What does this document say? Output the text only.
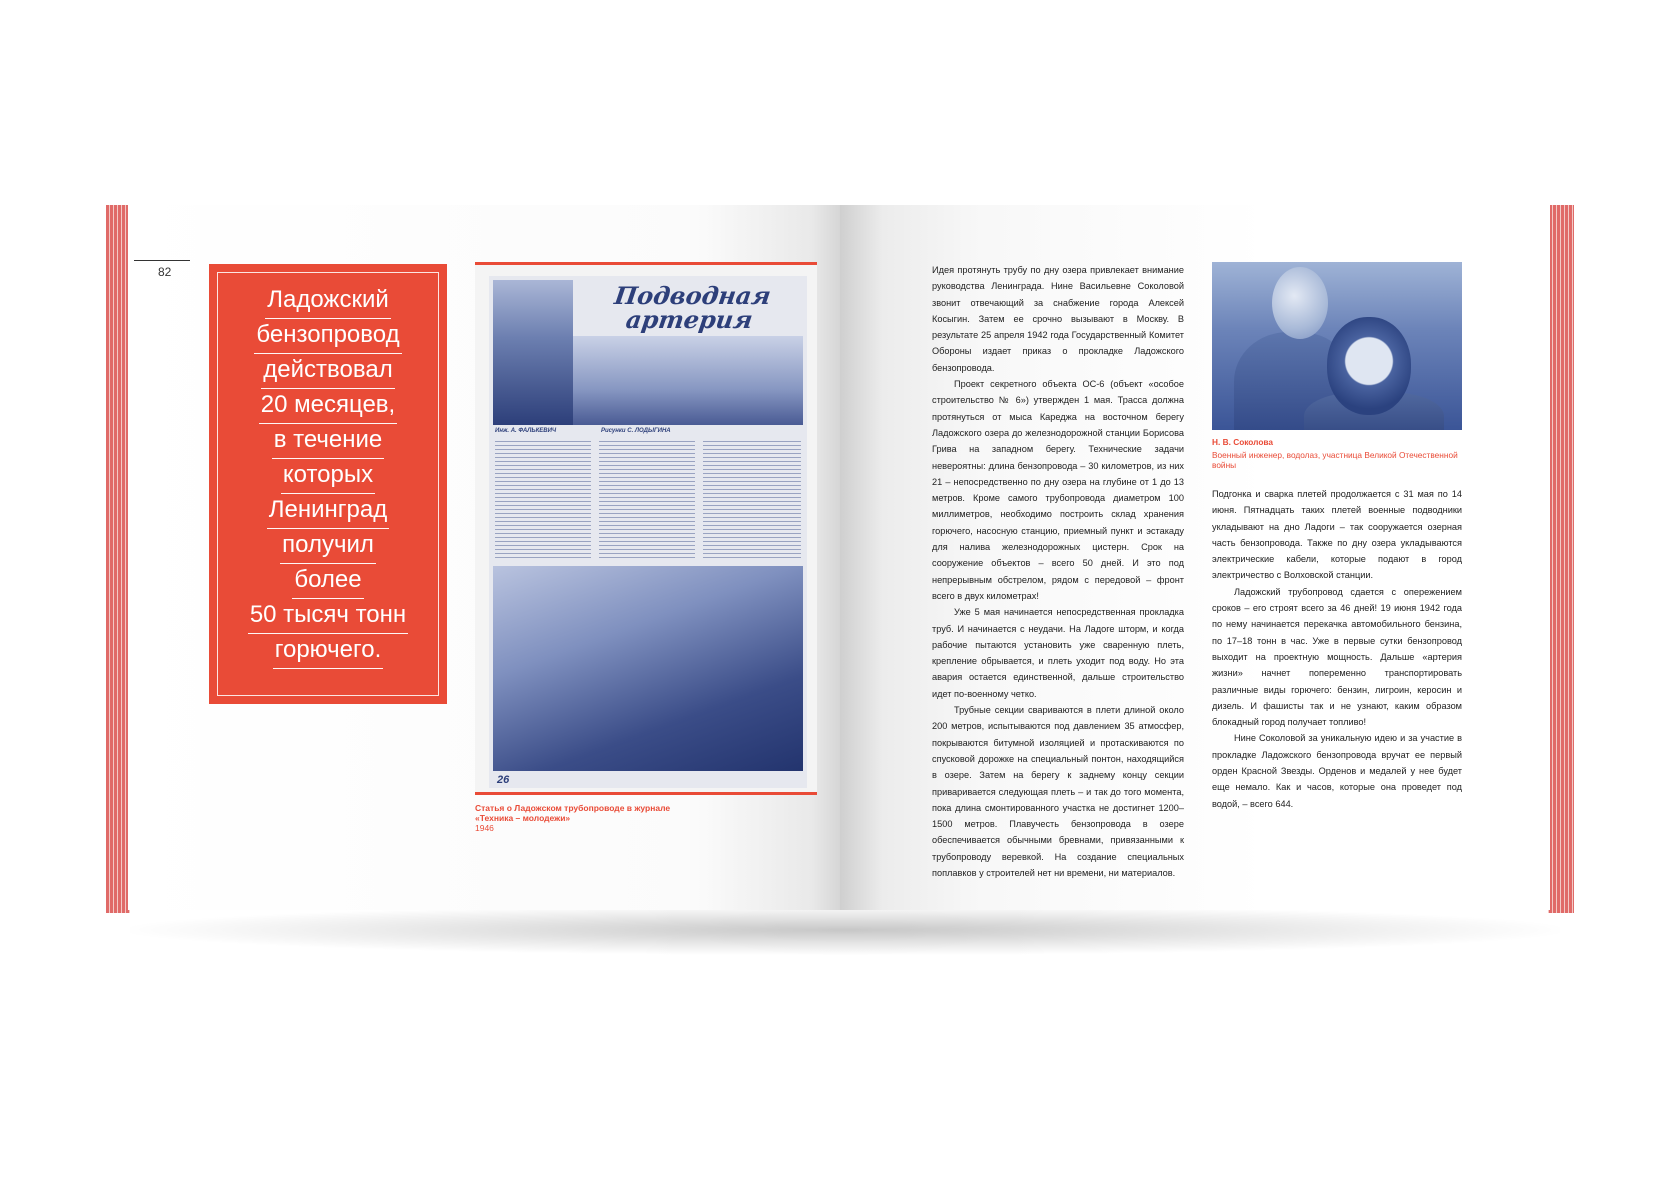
82
Ладожский
бензопровод
действовал
20 месяцев,
в течение
которых
Ленинград
получил
более
50 тысяч тонн
горючего.
Подводная артерия
Инж. А. ФАЛЬКЕВИЧ	Рисунки С. ЛОДЫГИНА
26
Статья о Ладожском трубопроводе в журнале «Техника – молодежи»
1946
Идея протянуть трубу по дну озера привлекает внимание руководства Ленинграда. Нине Васильевне Соколовой звонит отвечающий за снабжение города Алексей Косыгин. Затем ее срочно вызывают в Москву. В результате 25 апреля 1942 года Государственный Комитет Обороны издает приказ о прокладке Ладожского бензопровода.
Проект секретного объекта ОС-6 (объект «особое строительство № 6») утвержден 1 мая. Трасса должна протянуться от мыса Кареджа на восточном берегу Ладожского озера до железнодорожной станции Борисова Грива на западном берегу. Технические задачи невероятны: длина бензопровода – 30 километров, из них 21 – непосредственно по дну озера на глубине от 1 до 13 метров. Кроме самого трубопровода диаметром 100 миллиметров, необходимо построить склад хранения горючего, насосную станцию, приемный пункт и эстакаду для налива железнодорожных цистерн. Срок на сооружение объектов – всего 50 дней. И это под непрерывным обстрелом, рядом с передовой – фронт всего в двух километрах!
Уже 5 мая начинается непосредственная прокладка труб. И начинается с неудачи. На Ладоге шторм, и когда рабочие пытаются установить уже сваренную плеть, крепление обрывается, и плеть уходит под воду. Но эта авария остается единственной, дальше строительство идет по-военному четко.
Трубные секции свариваются в плети длиной около 200 метров, испытываются под давлением 35 атмосфер, покрываются битумной изоляцией и протаскиваются по спусковой дорожке на специальный понтон, находящийся в озере. Затем на берегу к заднему концу секции приваривается следующая плеть – и так до того момента, пока длина смонтированного участка не достигнет 1200–1500 метров. Плавучесть бензопровода в озере обеспечивается обычными бревнами, привязанными к трубопроводу веревкой. На создание специальных поплавков у строителей нет ни времени, ни материалов.
Н. В. Соколова
Военный инженер, водолаз, участница Великой Отечественной войны
Подгонка и сварка плетей продолжается с 31 мая по 14 июня. Пятнадцать таких плетей военные подводники укладывают на дно Ладоги – так сооружается озерная часть бензопровода. Также по дну озера укладываются электрические кабели, которые подают в город электричество с Волховской станции.
Ладожский трубопровод сдается с опережением сроков – его строят всего за 46 дней! 19 июня 1942 года по нему начинается перекачка автомобильного бензина, по 17–18 тонн в час. Уже в первые сутки бензопровод выходит на проектную мощность. Дальше «артерия жизни» начнет попеременно транспортировать различные виды горючего: бензин, лигроин, керосин и дизель. И фашисты так и не узнают, каким образом блокадный город получает топливо!
Нине Соколовой за уникальную идею и за участие в прокладке Ладожского бензопровода вручат ее первый орден Красной Звезды. Орденов и медалей у нее будет еще немало. Как и часов, которые она проведет под водой, – всего 644.
